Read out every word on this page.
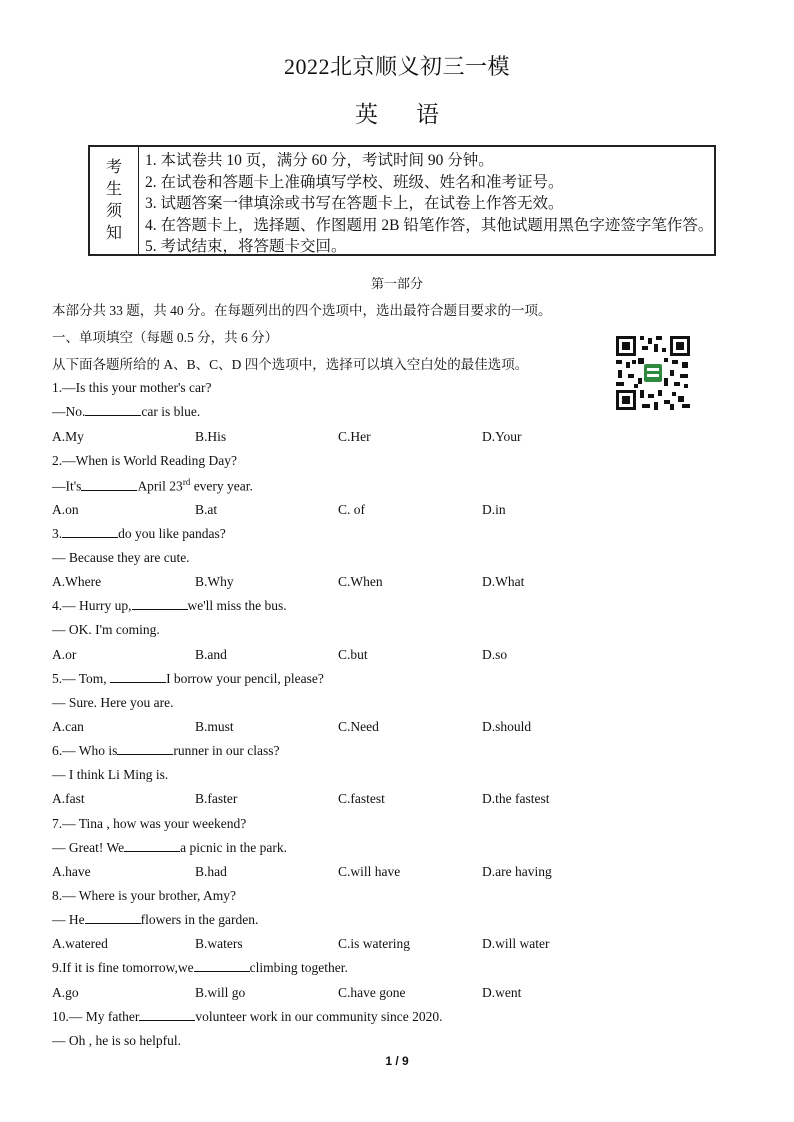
2022北京顺义初三一模
英语
考
生
须
知
1. 本试卷共 10 页，满分 60 分，考试时间 90 分钟。
2. 在试卷和答题卡上准确填写学校、班级、姓名和准考证号。
3. 试题答案一律填涂或书写在答题卡上，在试卷上作答无效。
4. 在答题卡上，选择题、作图题用 2B 铅笔作答，其他试题用黑色字迹签字笔作答。
5. 考试结束，将答题卡交回。
第一部分
本部分共 33 题，共 40 分。在每题列出的四个选项中，选出最符合题目要求的一项。
一、单项填空（每题 0.5 分，共 6 分）
从下面各题所给的 A、B、C、D 四个选项中，选择可以填入空白处的最佳选项。
1.—Is this your mother's car?
—No.	car is blue.
A.My	B.His	C.Her	D.Your
2.—When is World Reading Day?
—It's	April 23rd every year.
A.on	B.at	C. of	D.in
3.	do you like pandas?
— Because they are cute.
A.Where	B.Why	C.When	D.What
4.— Hurry up,	we'll miss the bus.
— OK. I'm coming.
A.or	B.and	C.but	D.so
5.— Tom,	I borrow your pencil, please?
— Sure. Here you are.
A.can	B.must	C.Need	D.should
6.— Who is	runner in our class?
— I think Li Ming is.
A.fast	B.faster	C.fastest	D.the fastest
7.— Tina , how was your weekend?
— Great! We	a picnic in the park.
A.have	B.had	C.will have	D.are having
8.— Where is your brother, Amy?
— He	flowers in the garden.
A.watered	B.waters	C.is watering	D.will water
9.If it is fine tomorrow,we	climbing together.
A.go	B.will go	C.have gone	D.went
10.— My father	volunteer work in our community since 2020.
— Oh , he is so helpful.
1 / 9
